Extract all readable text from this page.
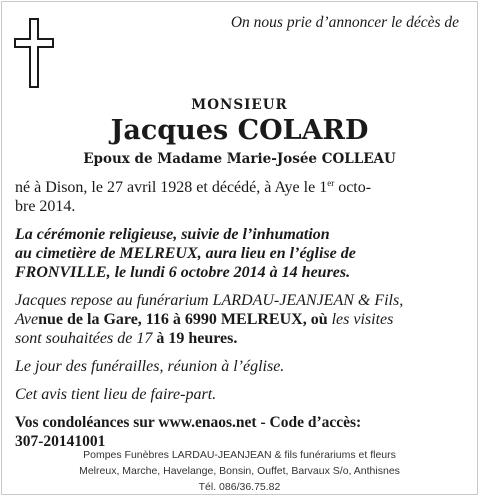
On nous prie d’annoncer le décès de
MONSIEUR
Jacques COLARD
Epoux de Madame Marie-Josée COLLEAU

né à Dison, le 27 avril 1928 et décédé, à Aye le 1er octo-
bre 2014.

La cérémonie religieuse, suivie de l’inhumation
au cimetière de MELREUX, aura lieu en l’église de
FRONVILLE, le lundi 6 octobre 2014 à 14 heures.

Jacques repose au funérarium LARDAU-JEANJEAN & Fils,
Avenue de la Gare, 116 à 6990 MELREUX, où les visites
sont souhaitées de 17 à 19 heures.

Le jour des funérailles, réunion à l’église.

Cet avis tient lieu de faire-part.

Vos condoléances sur www.enaos.net - Code d’accès:
307-20141001

Pompes Funèbres LARDAU-JEANJEAN & fils funérariums et fleurs
Melreux, Marche, Havelange, Bonsin, Ouffet, Barvaux S/o, Anthisnes
Tél. 086/36.75.82
